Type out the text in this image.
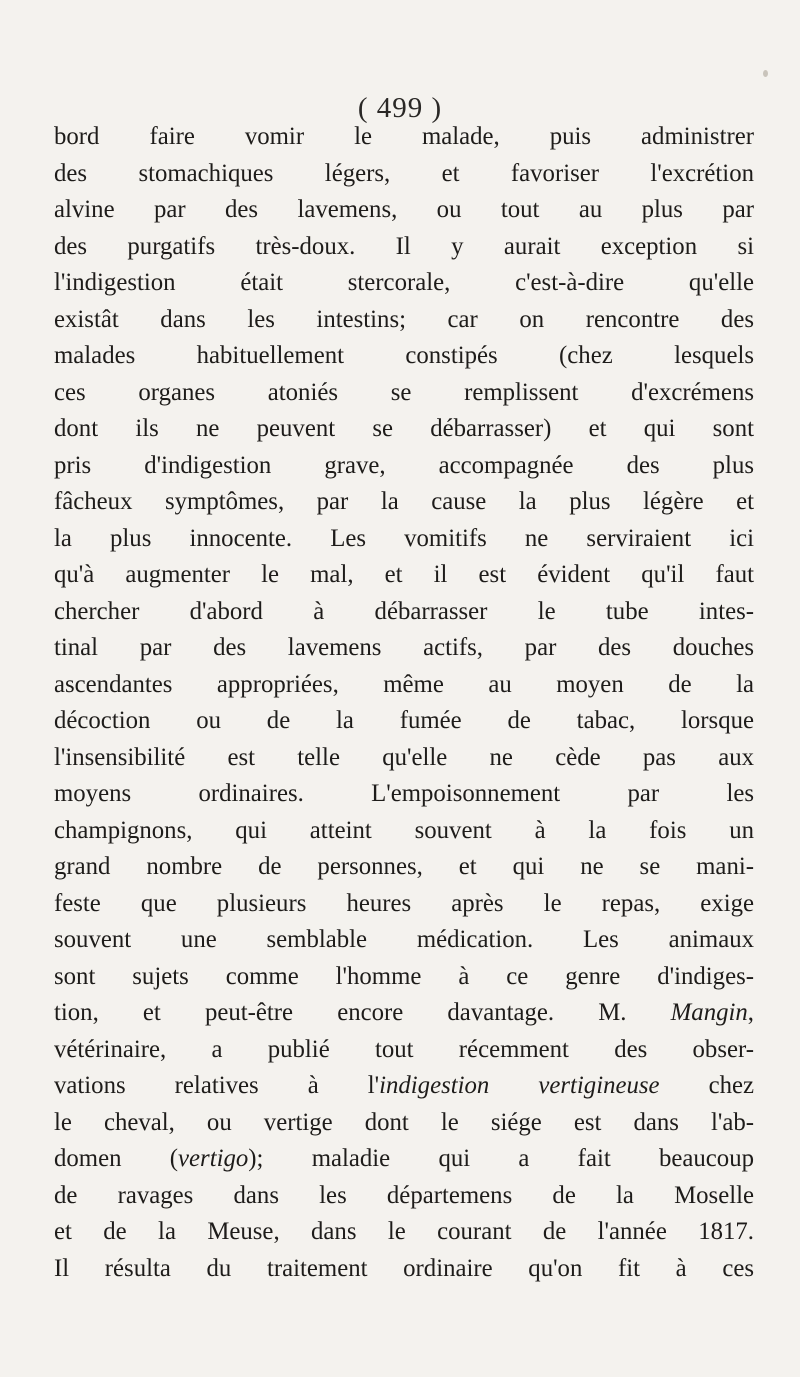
( 499 )
bord faire vomir le malade, puis administrer
des stomachiques légers, et favoriser l'excrétion
alvine par des lavemens, ou tout au plus par
des purgatifs très-doux. Il y aurait exception si
l'indigestion était stercorale, c'est-à-dire qu'elle
existât dans les intestins; car on rencontre des
malades habituellement constipés (chez lesquels
ces organes atoniés se remplissent d'excrémens
dont ils ne peuvent se débarrasser) et qui sont
pris d'indigestion grave, accompagnée des plus
fâcheux symptômes, par la cause la plus légère et
la plus innocente. Les vomitifs ne serviraient ici
qu'à augmenter le mal, et il est évident qu'il faut
chercher d'abord à débarrasser le tube intes-
tinal par des lavemens actifs, par des douches
ascendantes appropriées, même au moyen de la
décoction ou de la fumée de tabac, lorsque
l'insensibilité est telle qu'elle ne cède pas aux
moyens ordinaires. L'empoisonnement par les
champignons, qui atteint souvent à la fois un
grand nombre de personnes, et qui ne se mani-
feste que plusieurs heures après le repas, exige
souvent une semblable médication. Les animaux
sont sujets comme l'homme à ce genre d'indiges-
tion, et peut-être encore davantage. M. Mangin,
vétérinaire, a publié tout récemment des obser-
vations relatives à l'indigestion vertigineuse chez
le cheval, ou vertige dont le siége est dans l'ab-
domen (vertigo); maladie qui a fait beaucoup
de ravages dans les départemens de la Moselle
et de la Meuse, dans le courant de l'année 1817.
Il résulta du traitement ordinaire qu'on fit à ces
